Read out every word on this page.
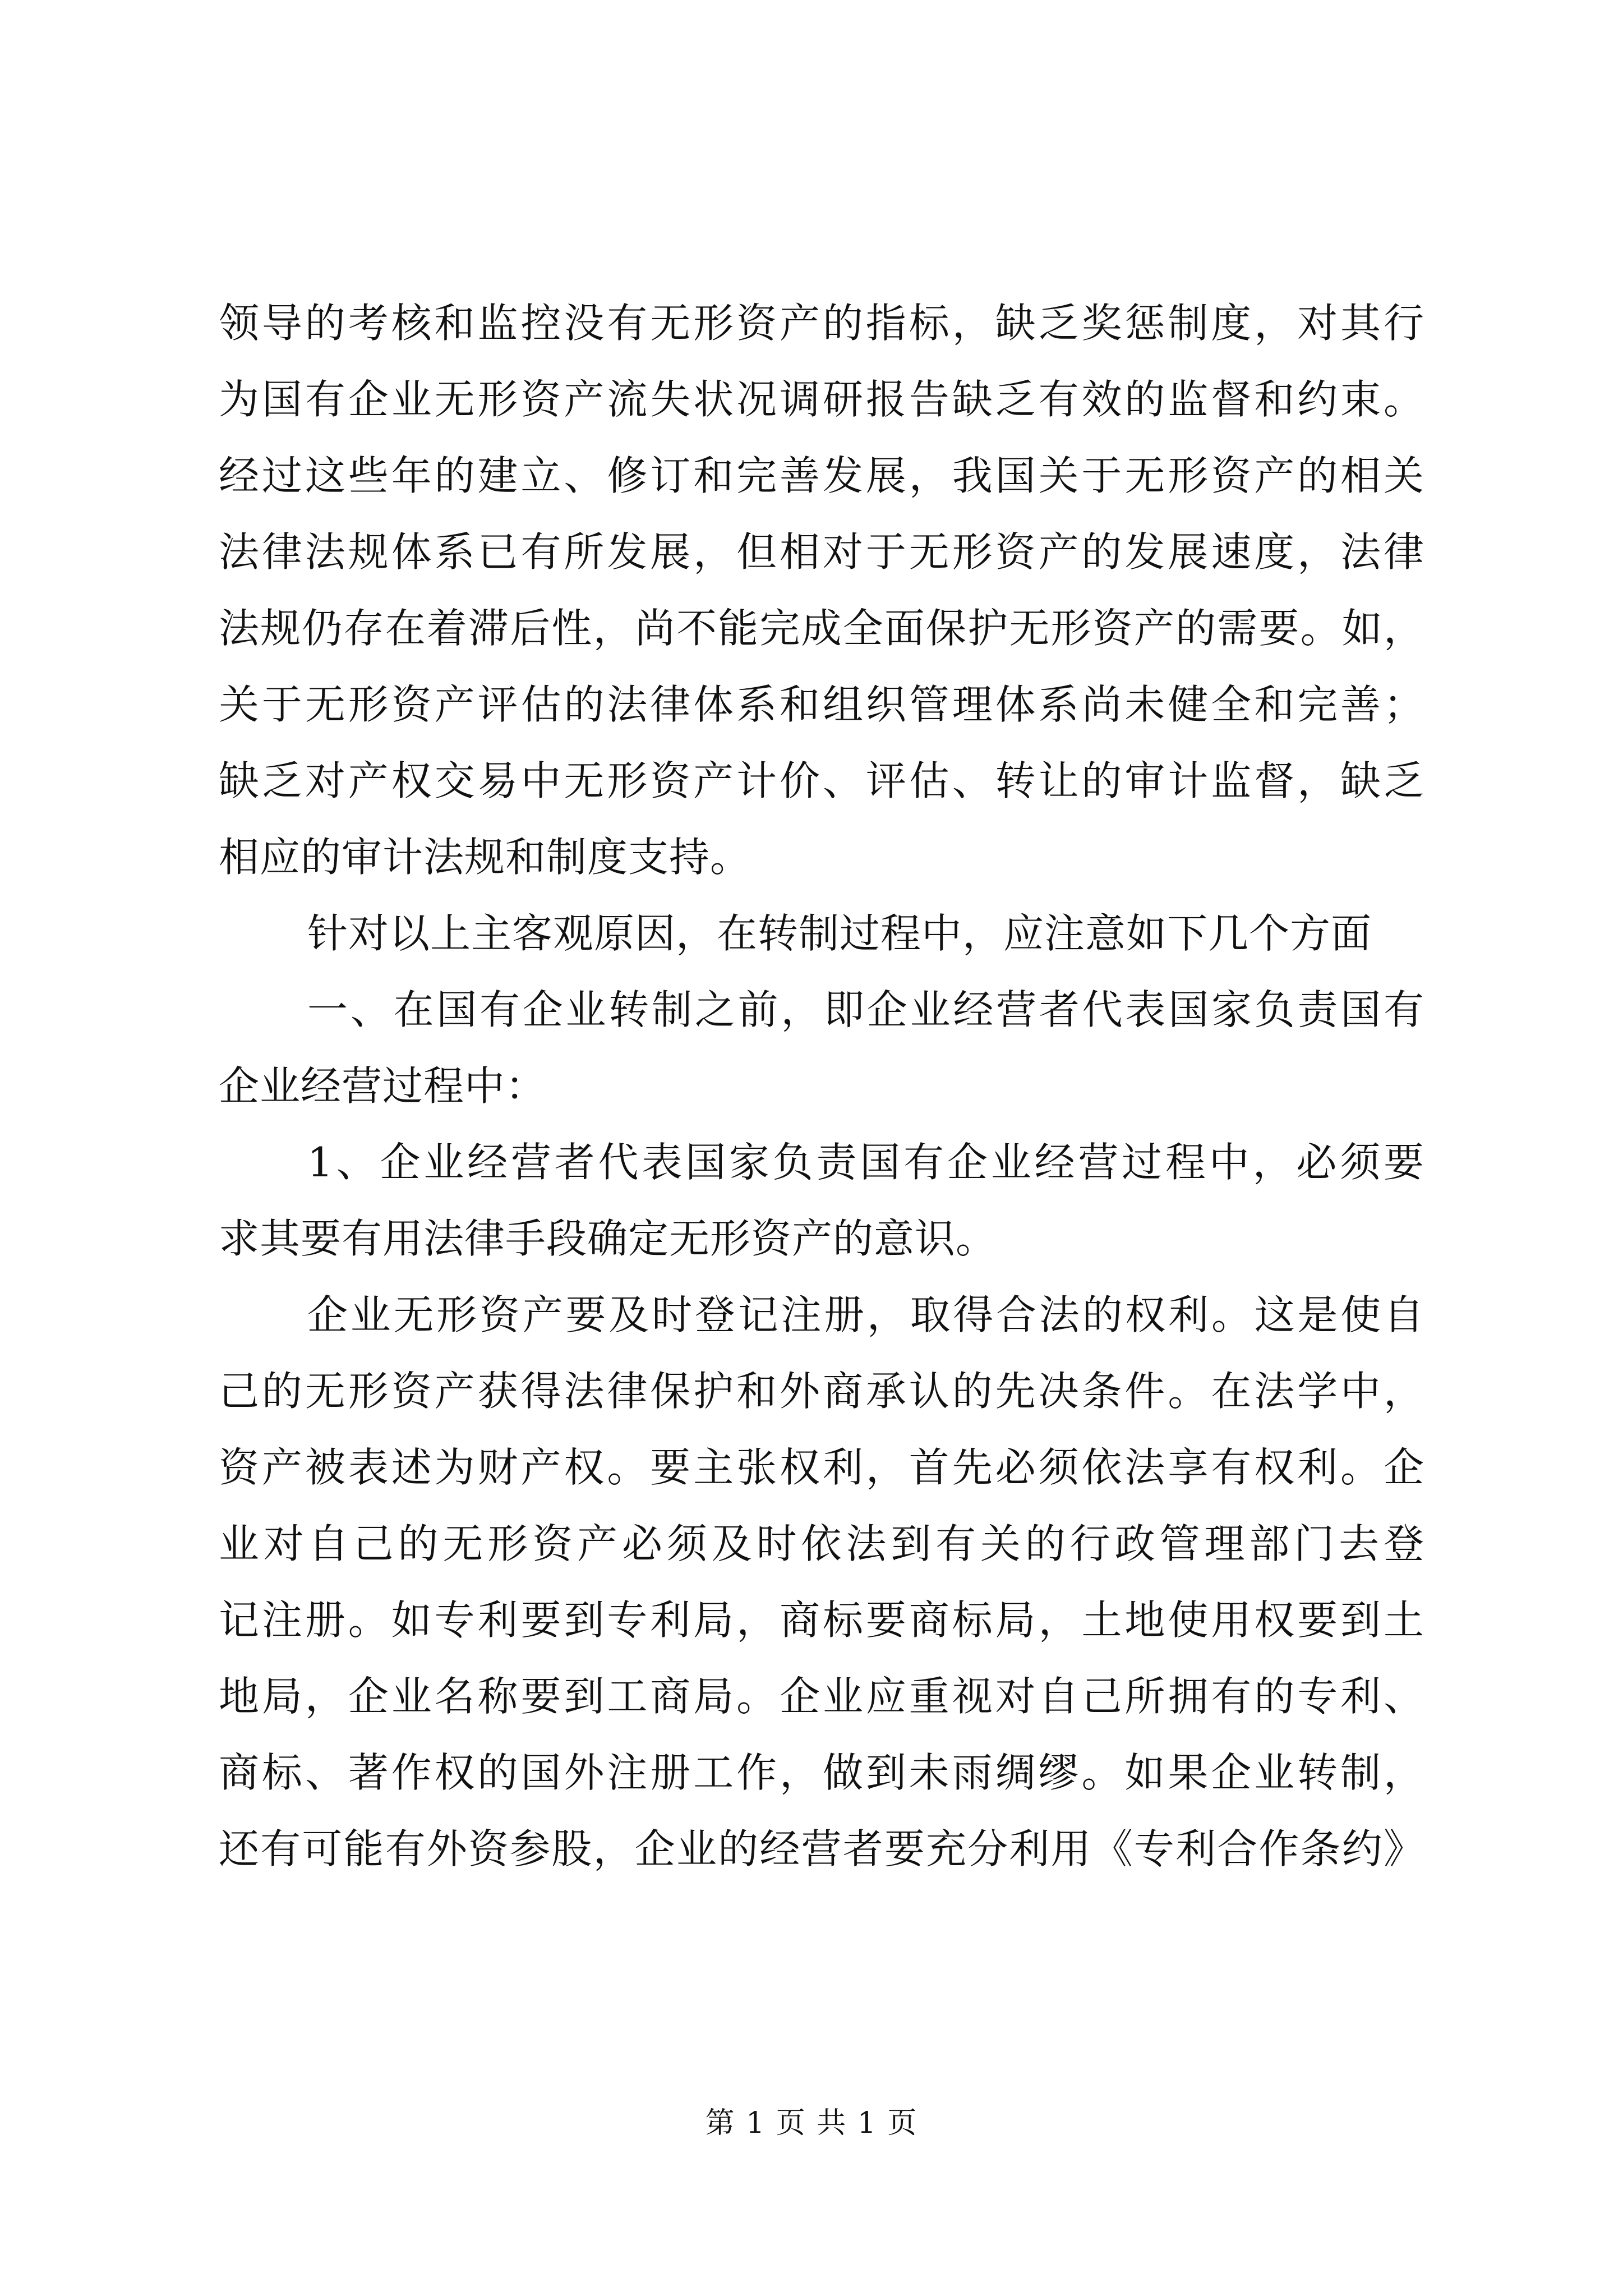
领导的考核和监控没有无形资产的指标，缺乏奖惩制度，对其行
为国有企业无形资产流失状况调研报告缺乏有效的监督和约束。
经过这些年的建立、修订和完善发展，我国关于无形资产的相关
法律法规体系已有所发展，但相对于无形资产的发展速度，法律
法规仍存在着滞后性，尚不能完成全面保护无形资产的需要。如，
关于无形资产评估的法律体系和组织管理体系尚未健全和完善；
缺乏对产权交易中无形资产计价、评估、转让的审计监督，缺乏
相应的审计法规和制度支持。
针对以上主客观原因，在转制过程中，应注意如下几个方面
一、在国有企业转制之前，即企业经营者代表国家负责国有
企业经营过程中：
1、企业经营者代表国家负责国有企业经营过程中，必须要
求其要有用法律手段确定无形资产的意识。
企业无形资产要及时登记注册，取得合法的权利。这是使自
己的无形资产获得法律保护和外商承认的先决条件。在法学中，
资产被表述为财产权。要主张权利，首先必须依法享有权利。企
业对自己的无形资产必须及时依法到有关的行政管理部门去登
记注册。如专利要到专利局，商标要商标局，土地使用权要到土
地局，企业名称要到工商局。企业应重视对自己所拥有的专利、
商标、著作权的国外注册工作，做到未雨绸缪。如果企业转制，
还有可能有外资参股，企业的经营者要充分利用《专利合作条约》
第 1 页 共 1 页
